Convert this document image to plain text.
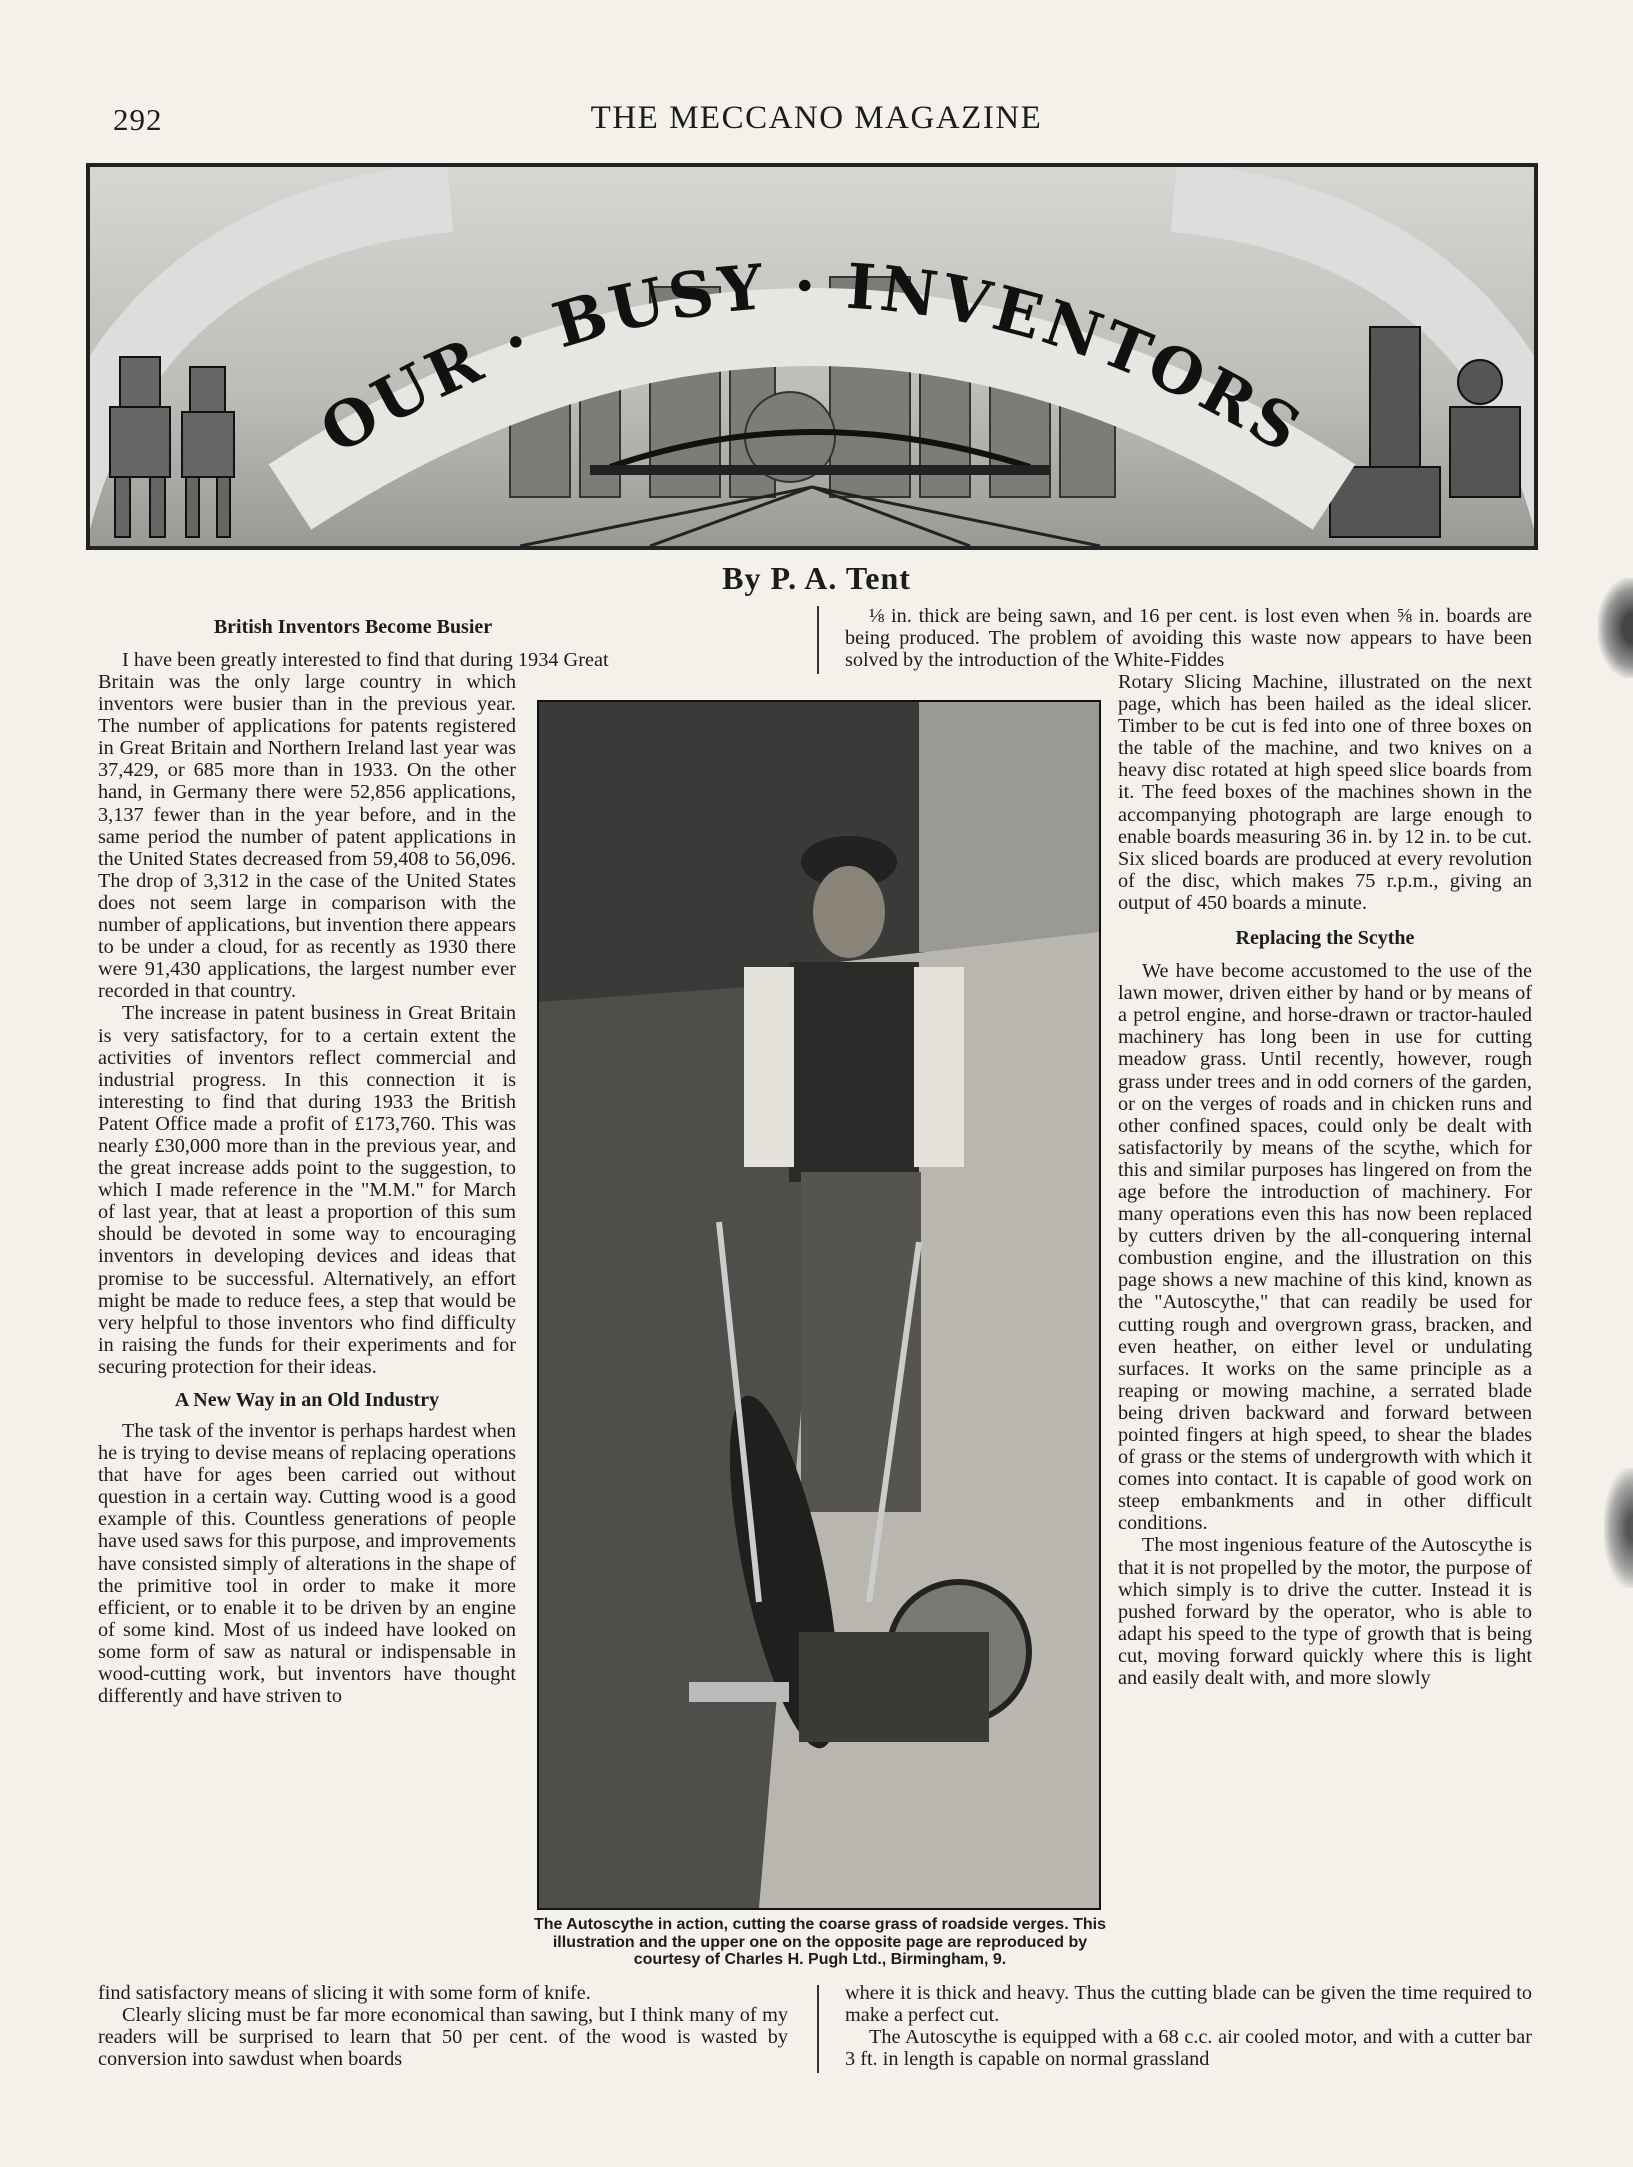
292	THE MECCANO MAGAZINE
OUR · BUSY · INVENTORS
By P. A. Tent

British Inventors Become Busier

I have been greatly interested to find that during 1934 Great

⅛ in. thick are being sawn, and 16 per cent. is lost even when ⅝ in. boards are being produced. The problem of avoiding this waste now appears to have been solved by the introduction of the White-Fiddes

Britain was the only large country in which inventors were busier than in the previous year. The number of applications for patents registered in Great Britain and Northern Ireland last year was 37,429, or 685 more than in 1933. On the other hand, in Germany there were 52,856 applications, 3,137 fewer than in the year before, and in the same period the number of patent applications in the United States decreased from 59,408 to 56,096. The drop of 3,312 in the case of the United States does not seem large in comparison with the number of applications, but invention there appears to be under a cloud, for as recently as 1930 there were 91,430 applications, the largest number ever recorded in that country.

The increase in patent business in Great Britain is very satisfactory, for to a certain extent the activities of inventors reflect commercial and industrial progress. In this connection it is interesting to find that during 1933 the British Patent Office made a profit of £173,760. This was nearly £30,000 more than in the previous year, and the great increase adds point to the suggestion, to which I made reference in the "M.M." for March of last year, that at least a proportion of this sum should be devoted in some way to encouraging inventors in developing devices and ideas that promise to be successful. Alternatively, an effort might be made to reduce fees, a step that would be very helpful to those inventors who find difficulty in raising the funds for their experiments and for securing protection for their ideas.

A New Way in an Old Industry

The task of the inventor is perhaps hardest when he is trying to devise means of replacing operations that have for ages been carried out without question in a certain way. Cutting wood is a good example of this. Countless generations of people have used saws for this purpose, and improvements have consisted simply of alterations in the shape of the primitive tool in order to make it more efficient, or to enable it to be driven by an engine of some kind. Most of us indeed have looked on some form of saw as natural or indispensable in wood-cutting work, but inventors have thought differently and have striven to

The Autoscythe in action, cutting the coarse grass of roadside verges. This illustration and the upper one on the opposite page are reproduced by courtesy of Charles H. Pugh Ltd., Birmingham, 9.

Rotary Slicing Machine, illustrated on the next page, which has been hailed as the ideal slicer. Timber to be cut is fed into one of three boxes on the table of the machine, and two knives on a heavy disc rotated at high speed slice boards from it. The feed boxes of the machines shown in the accompanying photograph are large enough to enable boards measuring 36 in. by 12 in. to be cut. Six sliced boards are produced at every revolution of the disc, which makes 75 r.p.m., giving an output of 450 boards a minute.

Replacing the Scythe

We have become accustomed to the use of the lawn mower, driven either by hand or by means of a petrol engine, and horse-drawn or tractor-hauled machinery has long been in use for cutting meadow grass. Until recently, however, rough grass under trees and in odd corners of the garden, or on the verges of roads and in chicken runs and other confined spaces, could only be dealt with satisfactorily by means of the scythe, which for this and similar purposes has lingered on from the age before the introduction of machinery. For many operations even this has now been replaced by cutters driven by the all-conquering internal combustion engine, and the illustration on this page shows a new machine of this kind, known as the "Autoscythe," that can readily be used for cutting rough and overgrown grass, bracken, and even heather, on either level or undulating surfaces. It works on the same principle as a reaping or mowing machine, a serrated blade being driven backward and forward between pointed fingers at high speed, to shear the blades of grass or the stems of undergrowth with which it comes into contact. It is capable of good work on steep embankments and in other difficult conditions.

The most ingenious feature of the Autoscythe is that it is not propelled by the motor, the purpose of which simply is to drive the cutter. Instead it is pushed forward by the operator, who is able to adapt his speed to the type of growth that is being cut, moving forward quickly where this is light and easily dealt with, and more slowly

find satisfactory means of slicing it with some form of knife.

Clearly slicing must be far more economical than sawing, but I think many of my readers will be surprised to learn that 50 per cent. of the wood is wasted by conversion into sawdust when boards

where it is thick and heavy. Thus the cutting blade can be given the time required to make a perfect cut.

The Autoscythe is equipped with a 68 c.c. air cooled motor, and with a cutter bar 3 ft. in length is capable on normal grassland
